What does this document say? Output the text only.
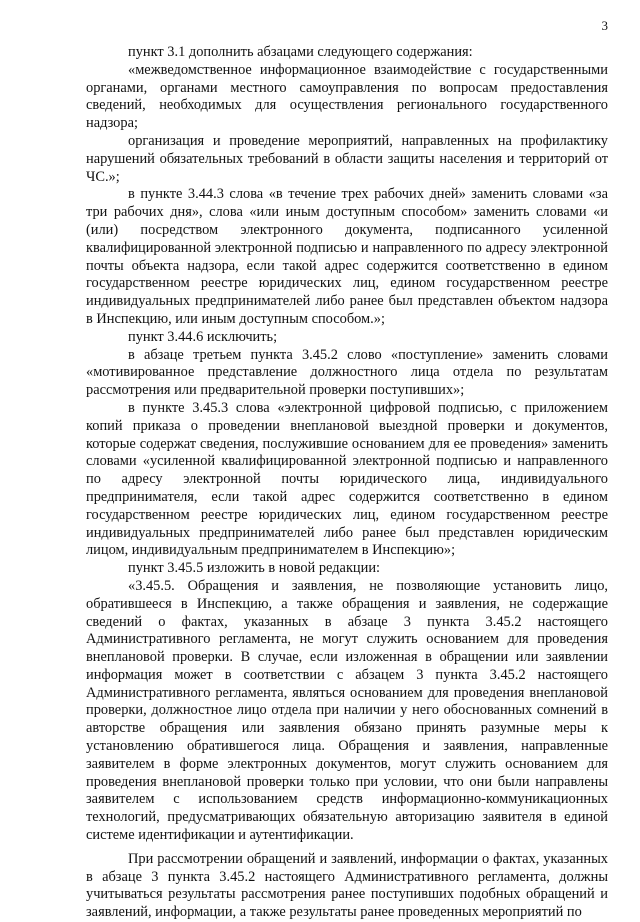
3

пункт 3.1 дополнить абзацами следующего содержания:

«межведомственное информационное взаимодействие с государственными органами, органами местного самоуправления по вопросам предоставления сведений, необходимых для осуществления регионального государственного надзора;

организация и проведение мероприятий, направленных на профилактику нарушений обязательных требований в области защиты населения и территорий от ЧС.»;

в пункте 3.44.3 слова «в течение трех рабочих дней» заменить словами «за три рабочих дня», слова «или иным доступным способом» заменить словами «и (или) посредством электронного документа, подписанного усиленной квалифицированной электронной подписью и направленного по адресу электронной почты объекта надзора, если такой адрес содержится соответственно в едином государственном реестре юридических лиц, едином государственном реестре индивидуальных предпринимателей либо ранее был представлен объектом надзора в Инспекцию, или иным доступным способом.»;

пункт 3.44.6 исключить;

в абзаце третьем пункта 3.45.2 слово «поступление» заменить словами «мотивированное представление должностного лица отдела по результатам рассмотрения или предварительной проверки поступивших»;

в пункте 3.45.3 слова «электронной цифровой подписью, с приложением копий приказа о проведении внеплановой выездной проверки и документов, которые содержат сведения, послужившие основанием для ее проведения» заменить словами «усиленной квалифицированной электронной подписью и направленного по адресу электронной почты юридического лица, индивидуального предпринимателя, если такой адрес содержится соответственно в едином государственном реестре юридических лиц, едином государственном реестре индивидуальных предпринимателей либо ранее был представлен юридическим лицом, индивидуальным предпринимателем в Инспекцию»;

пункт 3.45.5 изложить в новой редакции:

«3.45.5. Обращения и заявления, не позволяющие установить лицо, обратившееся в Инспекцию, а также обращения и заявления, не содержащие сведений о фактах, указанных в абзаце 3 пункта 3.45.2 настоящего Административного регламента, не могут служить основанием для проведения внеплановой проверки. В случае, если изложенная в обращении или заявлении информация может в соответствии с абзацем 3 пункта 3.45.2 настоящего Административного регламента, являться основанием для проведения внеплановой проверки, должностное лицо отдела при наличии у него обоснованных сомнений в авторстве обращения или заявления обязано принять разумные меры к установлению обратившегося лица. Обращения и заявления, направленные заявителем в форме электронных документов, могут служить основанием для проведения внеплановой проверки только при условии, что они были направлены заявителем с использованием средств информационно-коммуникационных технологий, предусматривающих обязательную авторизацию заявителя в единой системе идентификации и аутентификации.

При рассмотрении обращений и заявлений, информации о фактах, указанных в абзаце 3 пункта 3.45.2 настоящего Административного регламента, должны учитываться результаты рассмотрения ранее поступивших подобных обращений и заявлений, информации, а также результаты ранее проведенных мероприятий по
